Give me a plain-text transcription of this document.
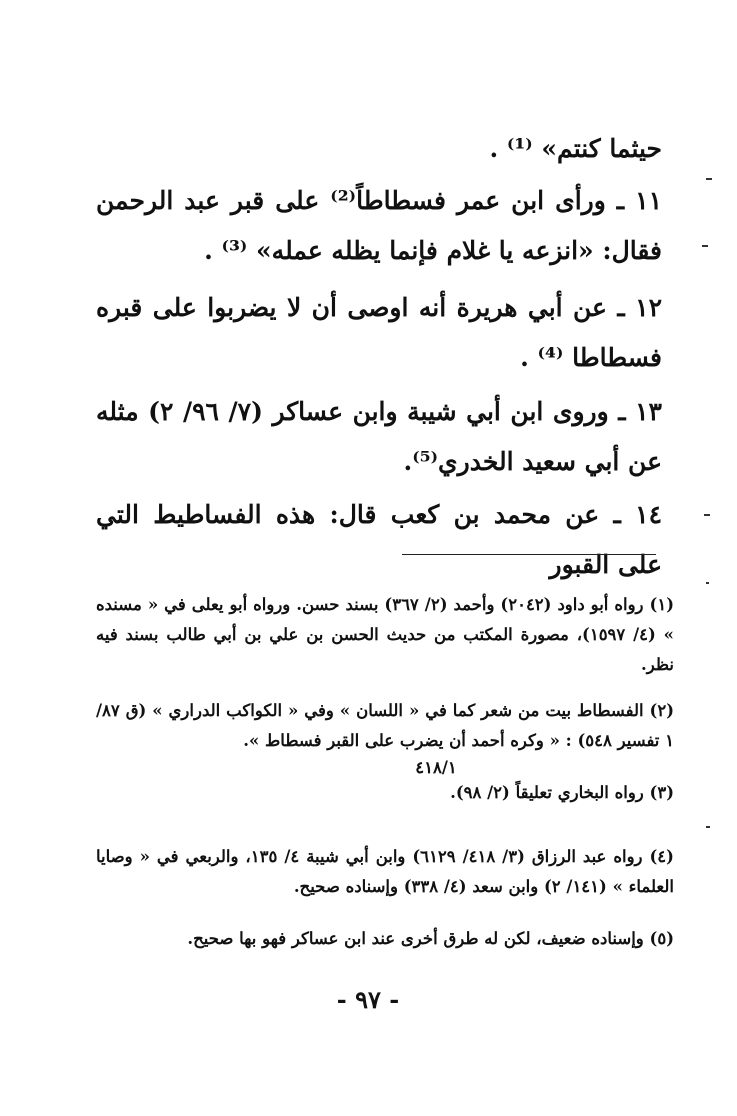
حيثما كنتم» ⁽¹⁾ .

١١ ـ ورأى ابن عمر فسطاطاً⁽²⁾ على قبر عبد الرحمن فقال: «انزعه يا غلام فإنما يظله عمله» ⁽³⁾ .

١٢ ـ عن أبي هريرة أنه اوصى أن لا يضربوا على قبره فسطاطا ⁽⁴⁾ .

١٣ ـ وروى ابن أبي شيبة وابن عساكر (٧/ ٩٦/ ٢) مثله عن أبي سعيد الخدري⁽⁵⁾.

١٤ ـ عن محمد بن كعب قال: هذه الفساطيط التي على القبور

(١) رواه أبو داود (٢٠٤٢) وأحمد (٢/ ٣٦٧) بسند حسن. ورواه أبو يعلى في « مسنده » (٤/ ١٥٩٧)، مصورة المكتب من حديث الحسن بن علي بن أبي طالب بسند فيه نظر.

(٢) الفسطاط بيت من شعر كما في « اللسان » وفي « الكواكب الدراري » (ق ٨٧/ ١ تفسير ٥٤٨) : « وكره أحمد أن يضرب على القبر فسطاط ».

٤١٨/١

(٣) رواه البخاري تعليقاً (٢/ ٩٨).

(٤) رواه عبد الرزاق (٣/ ٤١٨/ ٦١٢٩) وابن أبي شيبة ٤/ ١٣٥، والربعي في « وصايا العلماء » (١٤١/ ٢) وابن سعد (٤/ ٣٣٨) وإسناده صحيح.

(٥) وإسناده ضعيف، لكن له طرق أخرى عند ابن عساكر فهو بها صحيح.

- ٩٧ -
